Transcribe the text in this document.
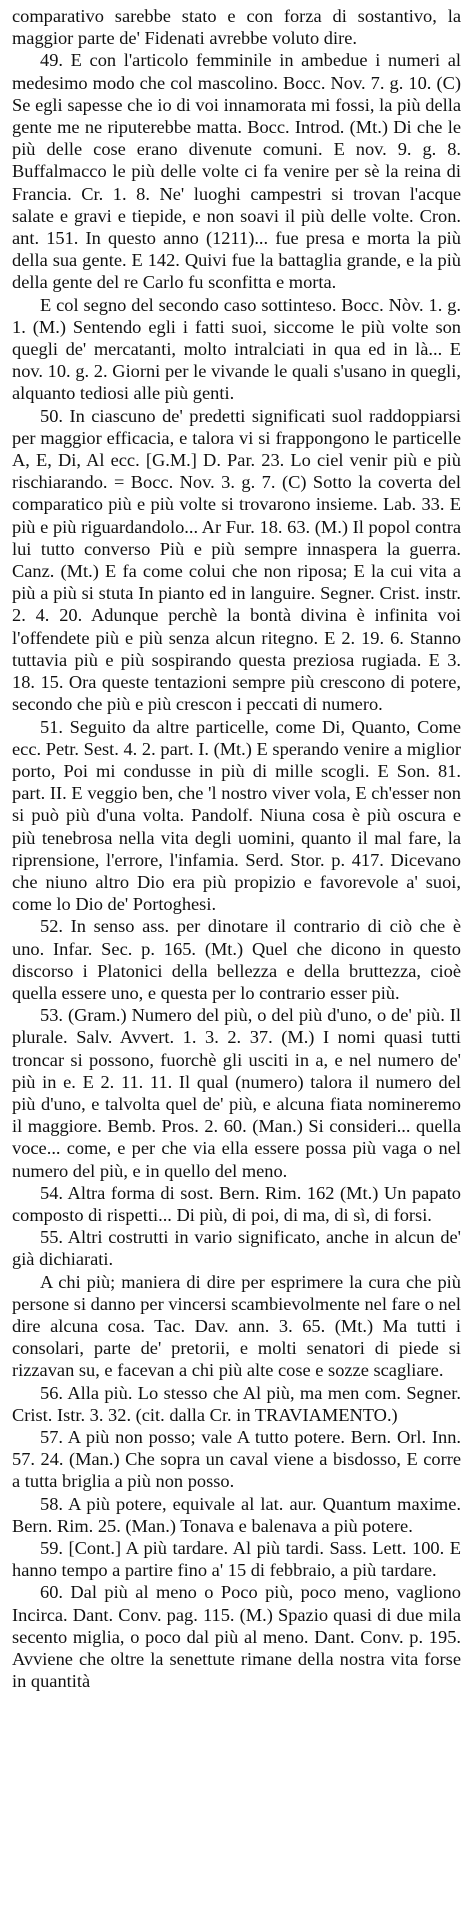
comparativo sarebbe stato e con forza di sostantivo, la maggior parte de' Fidenati avrebbe voluto dire.

49. E con l'articolo femminile in ambedue i numeri al medesimo modo che col mascolino. Bocc. Nov. 7. g. 10. (C) Se egli sapesse che io di voi innamorata mi fossi, la più della gente me ne riputerebbe matta. Bocc. Introd. (Mt.) Di che le più delle cose erano divenute comuni. E nov. 9. g. 8. Buffalmacco le più delle volte ci fa venire per sè la reina di Francia. Cr. 1. 8. Ne' luoghi campestri si trovan l'acque salate e gravi e tiepide, e non soavi il più delle volte. Cron. ant. 151. In questo anno (1211)... fue presa e morta la più della sua gente. E 142. Quivi fue la battaglia grande, e la più della gente del re Carlo fu sconfitta e morta.

E col segno del secondo caso sottinteso. Bocc. Nòv. 1. g. 1. (M.) Sentendo egli i fatti suoi, siccome le più volte son quegli de' mercatanti, molto intralciati in qua ed in là... E nov. 10. g. 2. Giorni per le vivande le quali s'usano in quegli, alquanto tediosi alle più genti.

50. In ciascuno de' predetti significati suol raddoppiarsi per maggior efficacia, e talora vi si frappongono le particelle A, E, Di, Al ecc. [G.M.] D. Par. 23. Lo ciel venir più e più rischiarando. = Bocc. Nov. 3. g. 7. (C) Sotto la coverta del comparatico più e più volte si trovarono insieme. Lab. 33. E più e più riguardandolo... Ar Fur. 18. 63. (M.) Il popol contra lui tutto converso Più e più sempre innaspera la guerra. Canz. (Mt.) E fa come colui che non riposa; E la cui vita a più a più si stuta In pianto ed in languire. Segner. Crist. instr. 2. 4. 20. Adunque perchè la bontà divina è infinita voi l'offendete più e più senza alcun ritegno. E 2. 19. 6. Stanno tuttavia più e più sospirando questa preziosa rugiada. E 3. 18. 15. Ora queste tentazioni sempre più crescono di potere, secondo che più e più crescon i peccati di numero.

51. Seguito da altre particelle, come Di, Quanto, Come ecc. Petr. Sest. 4. 2. part. I. (Mt.) E sperando venire a miglior porto, Poi mi condusse in più di mille scogli. E Son. 81. part. II. E veggio ben, che 'l nostro viver vola, E ch'esser non si può più d'una volta. Pandolf. Niuna cosa è più oscura e più tenebrosa nella vita degli uomini, quanto il mal fare, la riprensione, l'errore, l'infamia. Serd. Stor. p. 417. Dicevano che niuno altro Dio era più propizio e favorevole a' suoi, come lo Dio de' Portoghesi.

52. In senso ass. per dinotare il contrario di ciò che è uno. Infar. Sec. p. 165. (Mt.) Quel che dicono in questo discorso i Platonici della bellezza e della bruttezza, cioè quella essere uno, e questa per lo contrario esser più.

53. (Gram.) Numero del più, o del più d'uno, o de' più. Il plurale. Salv. Avvert. 1. 3. 2. 37. (M.) I nomi quasi tutti troncar si possono, fuorchè gli usciti in a, e nel numero de' più in e. E 2. 11. 11. Il qual (numero) talora il numero del più d'uno, e talvolta quel de' più, e alcuna fiata nomineremo il maggiore. Bemb. Pros. 2. 60. (Man.) Si consideri... quella voce... come, e per che via ella essere possa più vaga o nel numero del più, e in quello del meno.

54. Altra forma di sost. Bern. Rim. 162 (Mt.) Un papato composto di rispetti... Di più, di poi, di ma, di sì, di forsi.

55. Altri costrutti in vario significato, anche in alcun de' già dichiarati.

A chi più; maniera di dire per esprimere la cura che più persone si danno per vincersi scambievolmente nel fare o nel dire alcuna cosa. Tac. Dav. ann. 3. 65. (Mt.) Ma tutti i consolari, parte de' pretorii, e molti senatori di piede si rizzavan su, e facevan a chi più alte cose e sozze scagliare.

56. Alla più. Lo stesso che Al più, ma men com. Segner. Crist. Istr. 3. 32. (cit. dalla Cr. in TRAVIAMENTO.)

57. A più non posso; vale A tutto potere. Bern. Orl. Inn. 57. 24. (Man.) Che sopra un caval viene a bisdosso, E corre a tutta briglia a più non posso.

58. A più potere, equivale al lat. aur. Quantum maxime. Bern. Rim. 25. (Man.) Tonava e balenava a più potere.

59. [Cont.] A più tardare. Al più tardi. Sass. Lett. 100. E hanno tempo a partire fino a' 15 di febbraio, a più tardare.

60. Dal più al meno o Poco più, poco meno, vagliono Incirca. Dant. Conv. pag. 115. (M.) Spazio quasi di due mila secento miglia, o poco dal più al meno. Dant. Conv. p. 195. Avviene che oltre la senettute rimane della nostra vita forse in quantità
